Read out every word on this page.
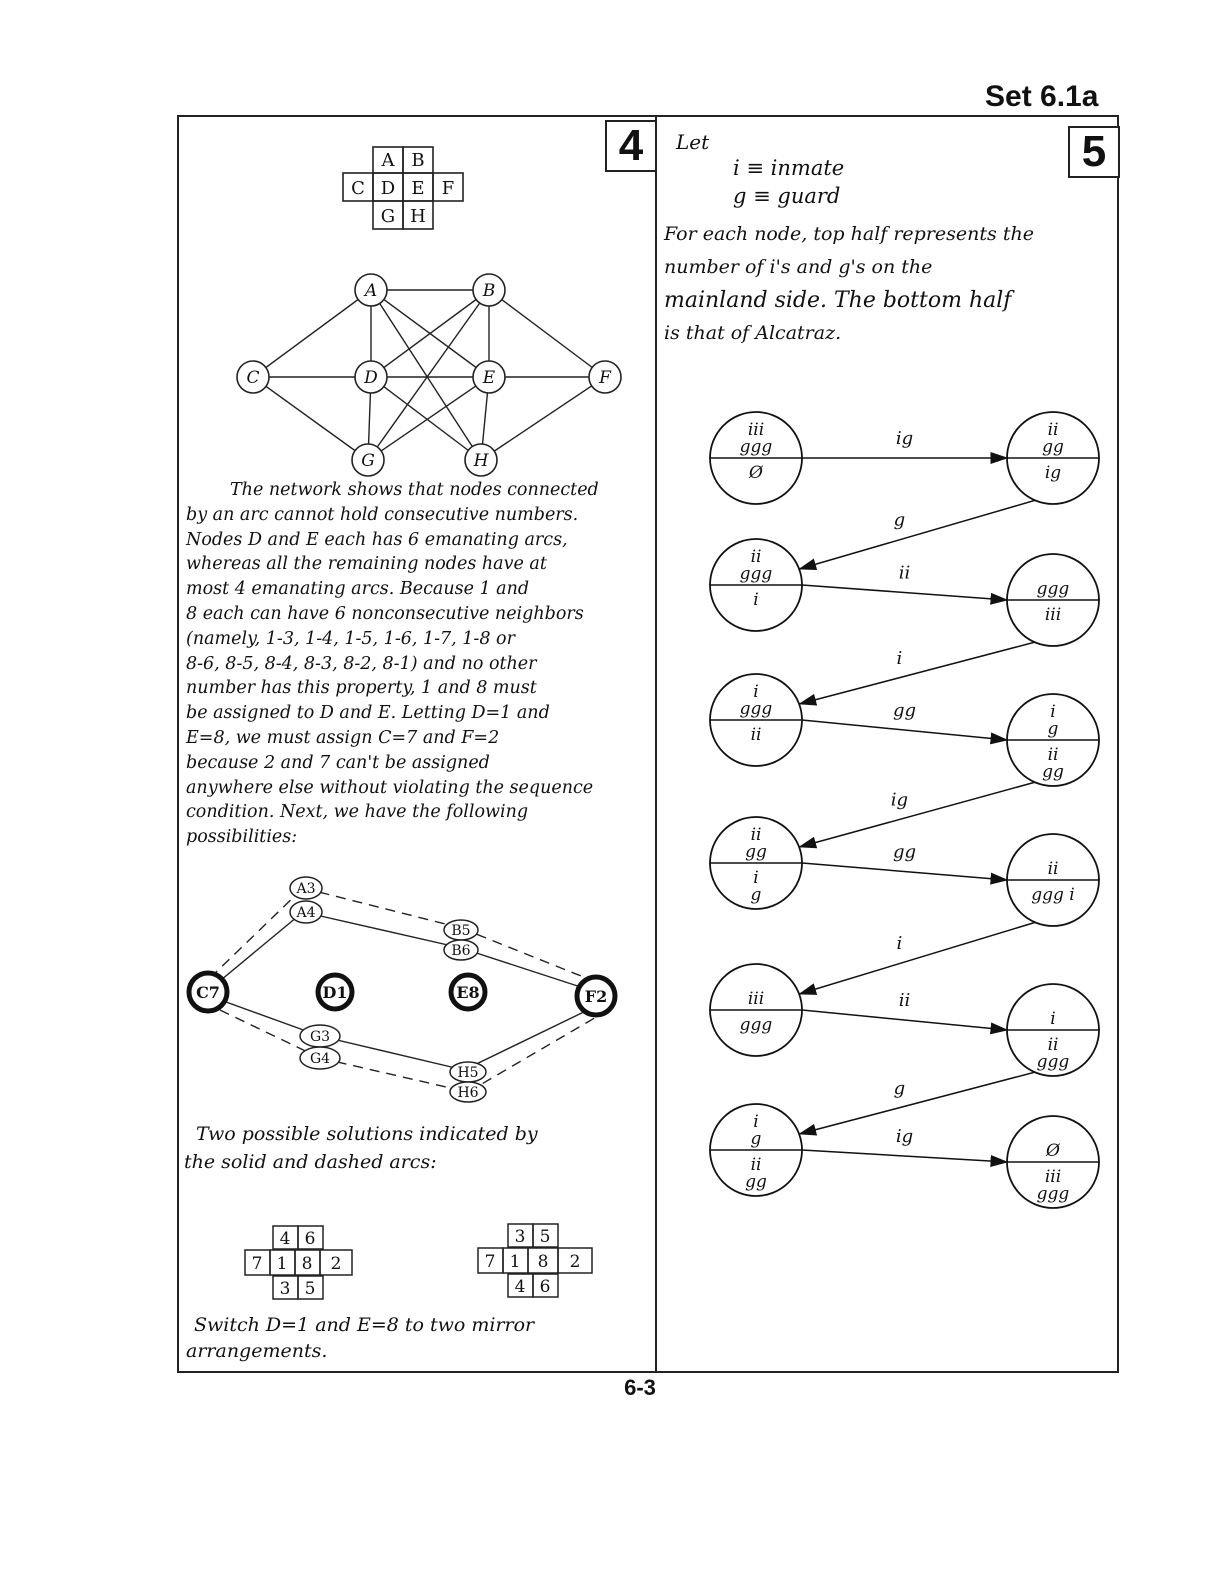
Set 6.1a
4	5
A B
C D E F
G H
A	B
C	D	E	F
G	H
C7	D1	E8	F2
A3
A4
B5
B6
G3
G4
H5
H6
4 6
7 1 8 2
3 5
3 5
7 1 8 2
4 6
The network shows that nodes connected
by an arc cannot hold consecutive numbers.
Nodes D and E each has 6 emanating arcs,
whereas all the remaining nodes have at
most 4 emanating arcs. Because 1 and
8 each can have 6 nonconsecutive neighbors
(namely, 1-3, 1-4, 1-5, 1-6, 1-7, 1-8 or
8-6, 8-5, 8-4, 8-3, 8-2, 8-1) and no other
number has this property, 1 and 8 must
be assigned to D and E. Letting D=1 and
E=8, we must assign C=7 and F=2
because 2 and 7 can't be assigned
anywhere else without violating the sequence
condition. Next, we have the following
possibilities:
Two possible solutions indicated by
the solid and dashed arcs:
Switch D=1 and E=8 to two mirror
arrangements.
Let
i ≡ inmate
g ≡ guard
For each node, top half represents the
number of i's and g's on the
mainland side. The bottom half
is that of Alcatraz.
ig
ii
gg
gg
ii
ig
g
i
ig
i
g
iii
ggg
Ø
ii
gg
ig
ii
ggg
i
ggg
iii
i
ggg
ii
i
g
ii
gg
ii
gg
i
g
ii
ggg i
iii
ggg	i
ii
ggg
i
g
ii
gg
Ø
iii
ggg
6-3
